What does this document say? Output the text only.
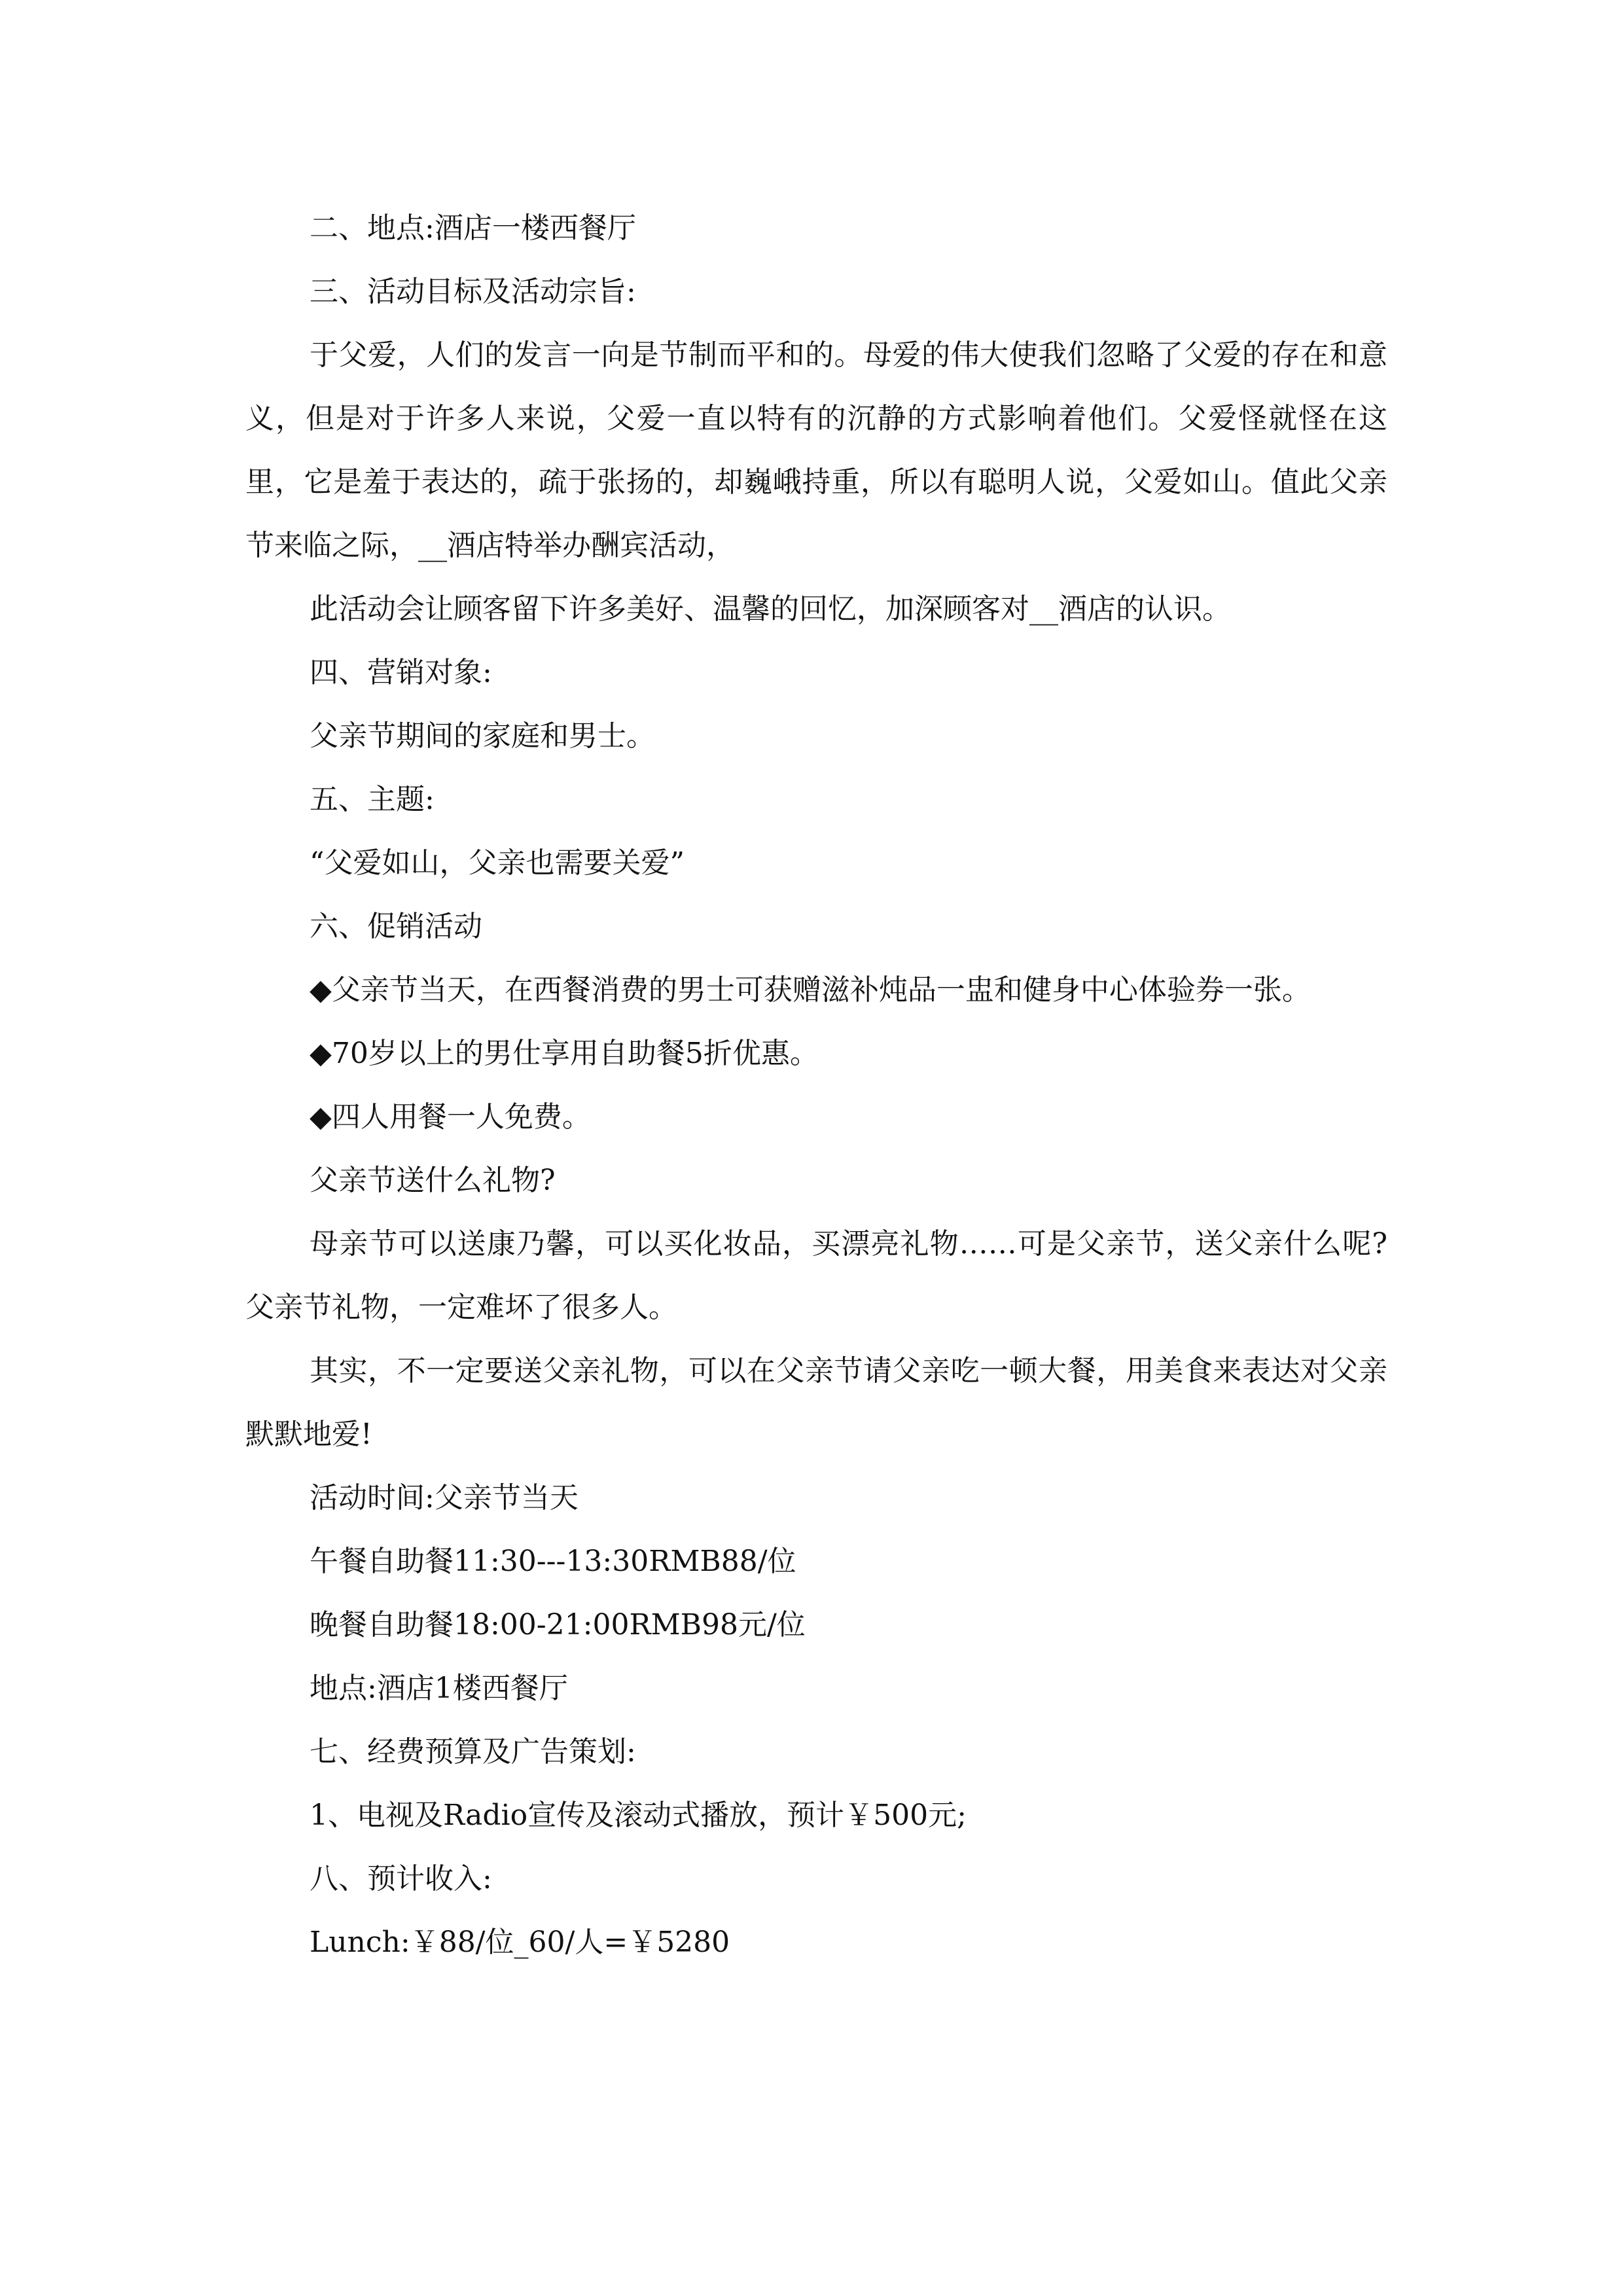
二、地点:酒店一楼西餐厅

三、活动目标及活动宗旨:

于父爱，人们的发言一向是节制而平和的。母爱的伟大使我们忽略了父爱的存在和意义，但是对于许多人来说，父爱一直以特有的沉静的方式影响着他们。父爱怪就怪在这里，它是羞于表达的，疏于张扬的，却巍峨持重，所以有聪明人说，父爱如山。值此父亲节来临之际，__酒店特举办酬宾活动，

此活动会让顾客留下许多美好、温馨的回忆，加深顾客对__酒店的认识。

四、营销对象:

父亲节期间的家庭和男士。

五、主题:

“父爱如山，父亲也需要关爱”

六、促销活动

◆父亲节当天，在西餐消费的男士可获赠滋补炖品一盅和健身中心体验券一张。

◆70岁以上的男仕享用自助餐5折优惠。

◆四人用餐一人免费。

父亲节送什么礼物?

母亲节可以送康乃馨，可以买化妆品，买漂亮礼物……可是父亲节，送父亲什么呢?父亲节礼物，一定难坏了很多人。

其实，不一定要送父亲礼物，可以在父亲节请父亲吃一顿大餐，用美食来表达对父亲默默地爱!

活动时间:父亲节当天

午餐自助餐11:30---13:30RMB88/位

晚餐自助餐18:00-21:00RMB98元/位

地点:酒店1楼西餐厅

七、经费预算及广告策划:

1、电视及Radio宣传及滚动式播放，预计￥500元;

八、预计收入:

Lunch:￥88/位_60/人=￥5280
